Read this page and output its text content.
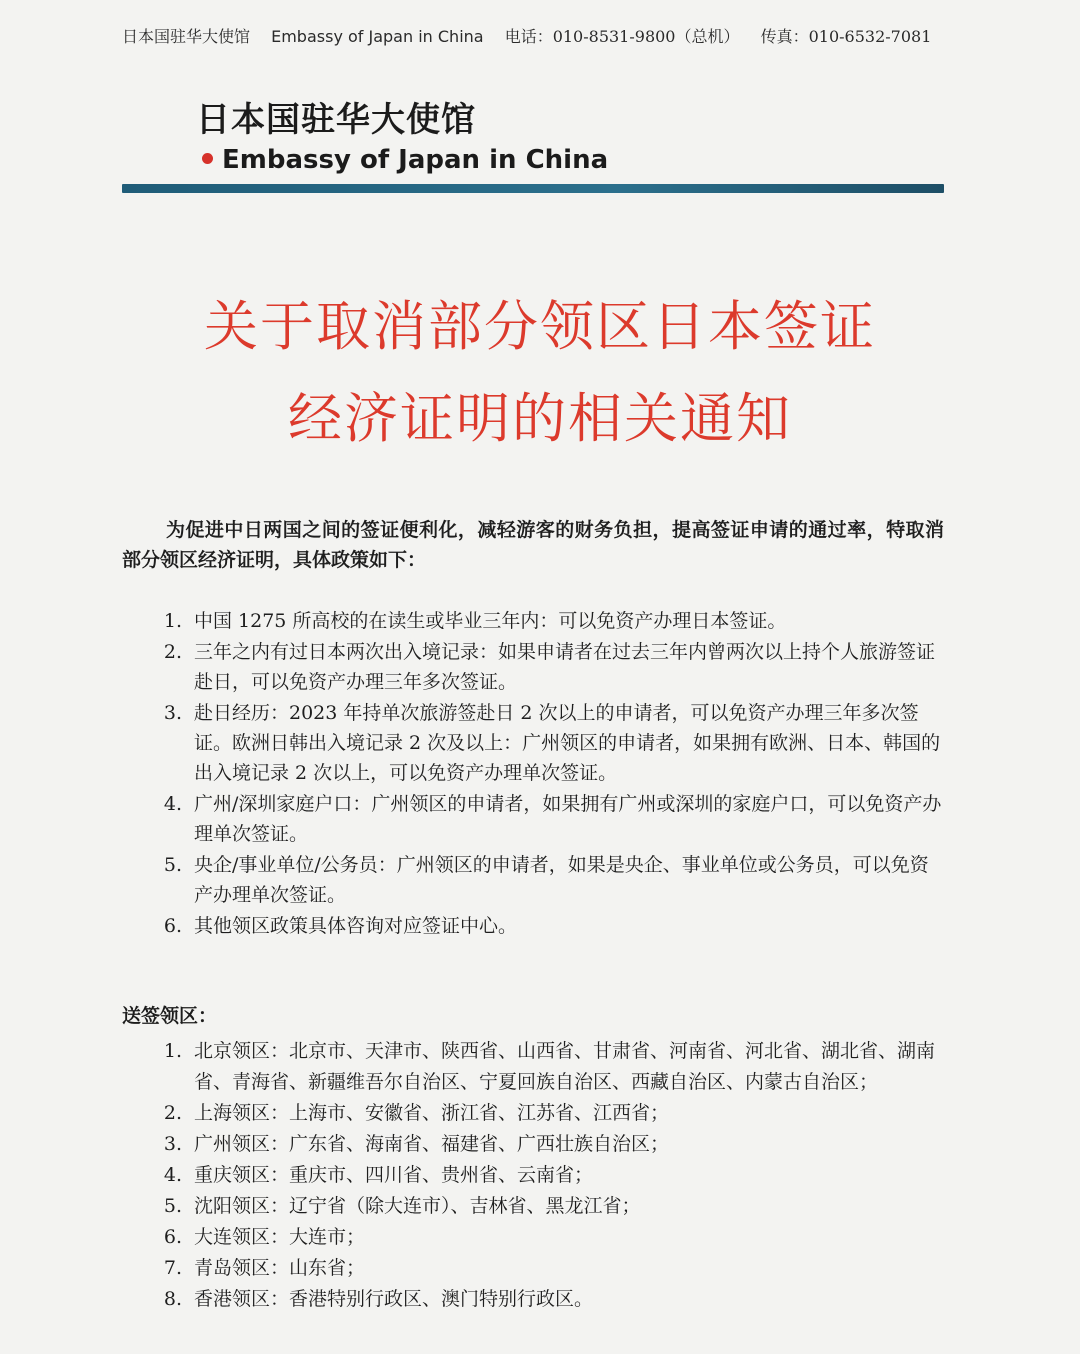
日本国驻华大使馆 Embassy of Japan in China 电话：010-8531-9800（总机） 传真：010-6532-7081
日本国驻华大使馆
Embassy of Japan in China
关于取消部分领区日本签证
经济证明的相关通知
为促进中日两国之间的签证便利化，减轻游客的财务负担，提高签证申请的通过率，特取消部分领区经济证明，具体政策如下：
1. 中国 1275 所高校的在读生或毕业三年内：可以免资产办理日本签证。
2. 三年之内有过日本两次出入境记录：如果申请者在过去三年内曾两次以上持个人旅游签证赴日，可以免资产办理三年多次签证。
3. 赴日经历：2023 年持单次旅游签赴日 2 次以上的申请者，可以免资产办理三年多次签证。欧洲日韩出入境记录 2 次及以上：广州领区的申请者，如果拥有欧洲、日本、韩国的出入境记录 2 次以上，可以免资产办理单次签证。
4. 广州/深圳家庭户口：广州领区的申请者，如果拥有广州或深圳的家庭户口，可以免资产办理单次签证。
5. 央企/事业单位/公务员：广州领区的申请者，如果是央企、事业单位或公务员，可以免资产办理单次签证。
6. 其他领区政策具体咨询对应签证中心。
送签领区：
1. 北京领区：北京市、天津市、陕西省、山西省、甘肃省、河南省、河北省、湖北省、湖南省、青海省、新疆维吾尔自治区、宁夏回族自治区、西藏自治区、内蒙古自治区；
2. 上海领区：上海市、安徽省、浙江省、江苏省、江西省；
3. 广州领区：广东省、海南省、福建省、广西壮族自治区；
4. 重庆领区：重庆市、四川省、贵州省、云南省；
5. 沈阳领区：辽宁省（除大连市）、吉林省、黑龙江省；
6. 大连领区：大连市；
7. 青岛领区：山东省；
8. 香港领区：香港特别行政区、澳门特别行政区。
